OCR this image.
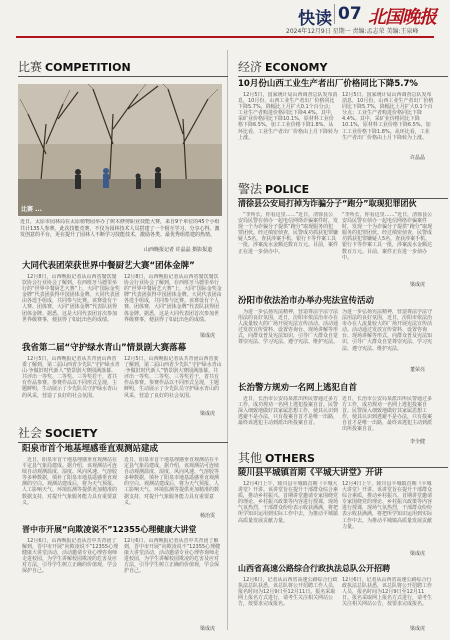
快读 07 北国晚报
2024年12月9日 星期一 责编:孟志荣 美编:王泉峰
比赛 COMPETITION
比赛 ...
近日，太原市园林局在太原植物园举办了树木修剪职业技能大赛，来自9个单位的45个小组共计135人参赛。此次技能竞赛，不仅为园林技术人员搭建了一个相互学习、分享心得、激发创意的平台，更在提升了园林人不断学习技能技术，激励各类、最优秀组搭建的热情。
山西晚报记者 许晶晶 摄影报道
大同代表团荣获世界中餐厨艺大赛“团体金牌”
12月8日，山西晚报记者从山西省餐饮餐饮协会行业协会了解到，在西班牙马德里举行的“世界中餐厨艺大赛”上，大同“国际金奖金牌”代表团获得中国团体金牌。大同代表团由各选手组成，共同参与比赛。该赛设有个人赛、团体赛，大同“团体金牌”代表队获得团体金牌。据悉，这是大同代表团首次参加世界级赛事，便获得了如此出色的成绩。
12月8日，山西晚报记者从山西省餐饮餐饮协会行业协会了解到，在西班牙马德里举行的“世界中餐厨艺大赛”上，大同“国际金奖金牌”代表团获得中国团体金牌。大同代表团由各选手组成，共同参与比赛。该赛设有个人赛、团体赛，大同“团体金牌”代表队获得团体金牌。据悉，这是大同代表团首次参加世界级赛事，便获得了如此出色的成绩。
梁成虎
我省第二届“守护绿水青山”情景剧大赛落幕
12月5日，山西晚报记者从共青团山西省委了解到，第二届山西省少先队“守护绿水青山·争做旧时代新人”情景剧大赛圆满落幕，共评出一等奖、二等奖、三等奖若干，省共有作品参赛。参赛作品以不同形式呈现，主题鲜明，生动展示了少先队员守护绿水青山的风采，营造了良好的社会氛围。
12月5日，山西晚报记者从共青团山西省委了解到，第二届山西省少先队“守护绿水青山·争做旧时代新人”情景剧大赛圆满落幕，共评出一等奖、二等奖、三等奖若干，省共有作品参赛。参赛作品以不同形式呈现，主题鲜明，生动展示了少先队员守护绿水青山的风采，营造了良好的社会氛围。
梁成虎
社会 SOCIETY
阳泉市首个地基埋感垂直观测站建成
近日，阳泉市首个地基埋感垂直观测站在平定县气象局建成。据介绍，该观测站可连续自动观测温度、湿度、风向风速、气溶胶等多种数据，填补了阳泉市地基遥感垂直观测的空白。观测站建成后，将为天气预报、人工影响天气、环境监测等提供更加精准的数据支持，对提升气象服务能力具有重要意义。
近日，阳泉市首个地基埋感垂直观测站在平定县气象局建成。据介绍，该观测站可连续自动观测温度、湿度、风向风速、气溶胶等多种数据，填补了阳泉市地基遥感垂直观测的空白。观测站建成后，将为天气预报、人工影响天气、环境监测等提供更加精准的数据支持，对提升气象服务能力具有重要意义。
杨治雯
晋中市开展“向欺凌说不”12355心理健康大讲堂
12月6日，山西晚报记者从晋中共青团了解到，晋中市开展“向欺凌说不”12355心理健康大讲堂活动，活动邀请专业心理咨询师走进校园，为学生讲解校园欺凌的危害及应对方法，引导学生树立正确的价值观，学会保护自己。
12月6日，山西晚报记者从晋中共青团了解到，晋中市开展“向欺凌说不”12355心理健康大讲堂活动，活动邀请专业心理咨询师走进校园，为学生讲解校园欺凌的危害及应对方法，引导学生树立正确的价值观，学会保护自己。
梁成虎
经济 ECONOMY
10月份山西工业生产者出厂价格同比下降5.7%
12月5日，国家统计局山西调查总队发布消息，10月份，山西工业生产者出厂价格同比下降5.7%，降幅比上月扩大0.1个百分点；工业生产者购进价格同比下降4.4%。其中，采矿业价格同比下降10.1%，原材料工业价格下降6.5%，加工工业价格下降1.8%。从环比看，工业生产者出厂价格由上月下降转为上涨。
12月5日，国家统计局山西调查总队发布消息，10月份，山西工业生产者出厂价格同比下降5.7%，降幅比上月扩大0.1个百分点；工业生产者购进价格同比下降4.4%。其中，采矿业价格同比下降10.1%，原材料工业价格下降6.5%，加工工业价格下降1.8%。从环比看，工业生产者出厂价格由上月下降转为上涨。
许晶晶
警法 POLICE
清徐县公安局打掉为诈骗分子“跑分”取现犯罪团伙
“李所长，你看这里……”近日，清徐县公安局民警在侦办一起电信网络诈骗案件时，发现一个为诈骗分子提供“跑分”取现服务的犯罪团伙。经过缜密侦查，民警成功抓获犯罪嫌疑人5名，查获涉案手机、银行卡等作案工具一批，涉案流水金额达数百万元。目前，案件正在进一步侦办中。
“李所长，你看这里……”近日，清徐县公安局民警在侦办一起电信网络诈骗案件时，发现一个为诈骗分子提供“跑分”取现服务的犯罪团伙。经过缜密侦查，民警成功抓获犯罪嫌疑人5名，查获涉案手机、银行卡等作案工具一批，涉案流水金额达数百万元。目前，案件正在进一步侦办中。
梁成虎
汾阳市依法治市办举办宪法宣传活动
为进一步弘扬宪法精神，营造尊法学法守法用法的良好氛围，近日，汾阳市依法治市办在人流量较大的广场开展宪法宣传活动。活动通过发放宣传资料、设置咨询台、现场讲解等形式，向群众普及宪法知识，引导广大群众自觉尊崇宪法、学习宪法、遵守宪法、维护宪法。
为进一步弘扬宪法精神，营造尊法学法守法用法的良好氛围，近日，汾阳市依法治市办在人流量较大的广场开展宪法宣传活动。活动通过发放宣传资料、设置咨询台、现场讲解等形式，向群众普及宪法知识，引导广大群众自觉尊崇宪法、学习宪法、遵守宪法、维护宪法。
董荣亮
长治警方规劝一名网上逃犯自首
近日，长治市公安局某派出所民警通过多方工作，成功规劝一名网上逃犯投案自首。民警深入细致地做好其家属思想工作，使其认识到逃避不是办法，只有投案自首才是唯一出路，最终该逃犯主动到派出所投案自首。
近日，长治市公安局某派出所民警通过多方工作，成功规劝一名网上逃犯投案自首。民警深入细致地做好其家属思想工作，使其认识到逃避不是办法，只有投案自首才是唯一出路，最终该逃犯主动到派出所投案自首。
李全健
其他 OTHERS
陵川县平城镇首期《平城大讲堂》开讲
12月4日上午，陵川县平城镇首期《平城大讲堂》开讲。该讲堂旨在提升干部群众综合素质，推动乡村振兴。首期讲堂邀请专家围绕党的理论、乡村振兴政策等内容进行授课，现场气氛热烈，干部群众纷纷表示收获满满，将把所学知识运用到实际工作中去，为推动平城镇高质量发展贡献力量。
12月4日上午，陵川县平城镇首期《平城大讲堂》开讲。该讲堂旨在提升干部群众综合素质，推动乡村振兴。首期讲堂邀请专家围绕党的理论、乡村振兴政策等内容进行授课，现场气氛热烈，干部群众纷纷表示收获满满，将把所学知识运用到实际工作中去，为推动平城镇高质量发展贡献力量。
梁成虎
山西省高速公路综合行政执法总队公开招聘
12月6日，记者从山西省高速公路综合行政执法总队获悉，该总队将公开招聘工作人员，报名时间为12月9日至12月11日。报名采取网上报名方式进行，请考生关注相关网站公告，按要求完成报名。
12月6日，记者从山西省高速公路综合行政执法总队获悉，该总队将公开招聘工作人员，报名时间为12月9日至12月11日。报名采取网上报名方式进行，请考生关注相关网站公告，按要求完成报名。
梁成虎
